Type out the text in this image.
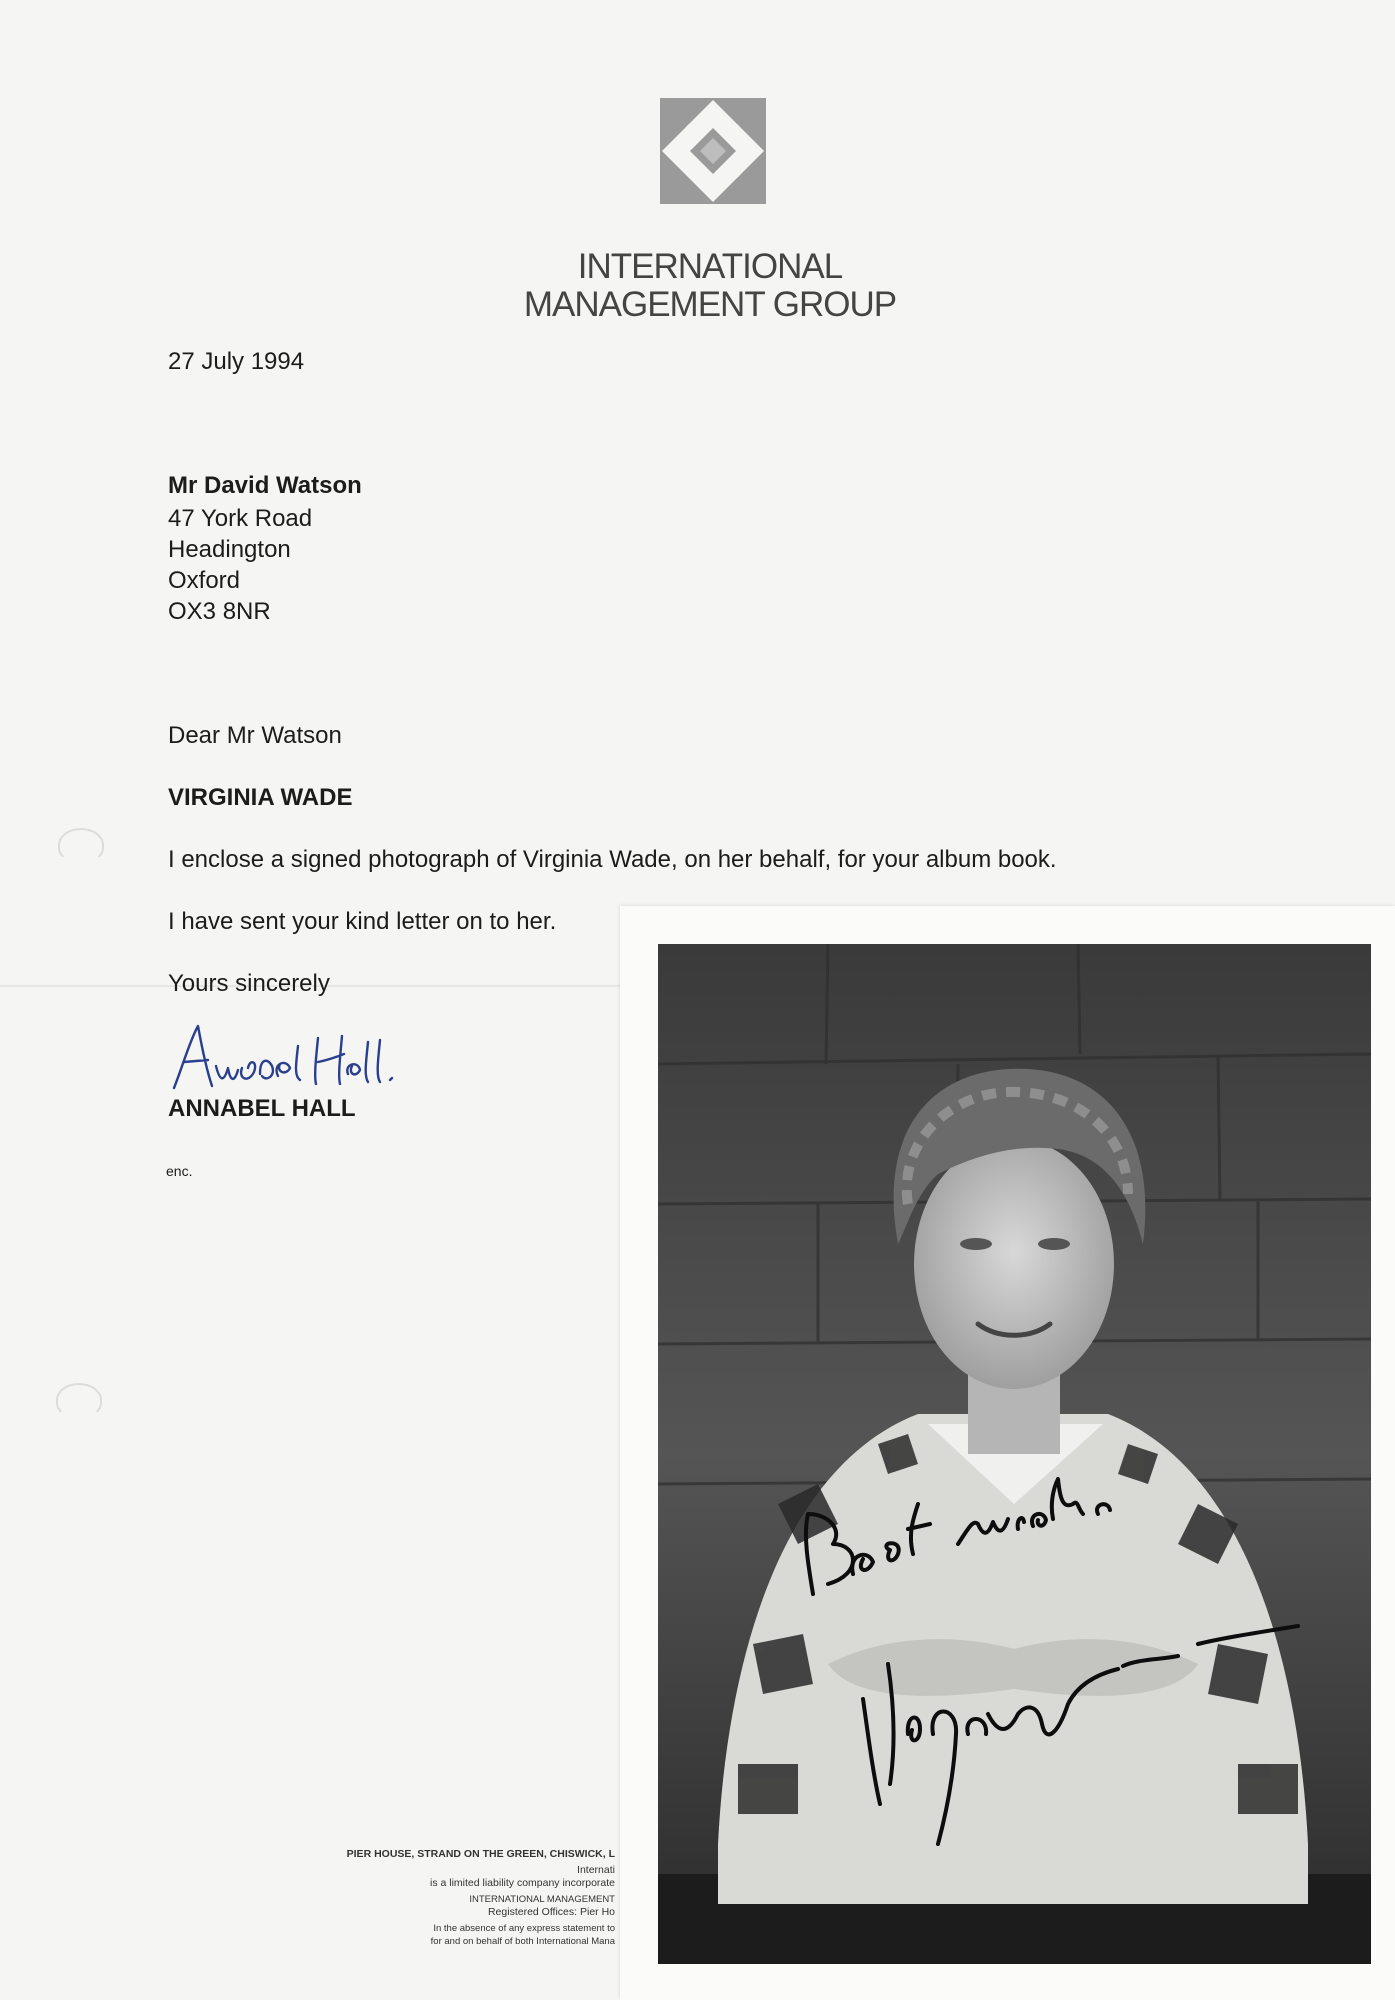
INTERNATIONAL
MANAGEMENT GROUP
27 July 1994
Mr David Watson
47 York Road
Headington
Oxford
OX3 8NR
Dear Mr Watson
VIRGINIA WADE
I enclose a signed photograph of Virginia Wade, on her behalf, for your album book.
I have sent your kind letter on to her.
Yours sincerely
ANNABEL HALL
enc.
PIER HOUSE, STRAND ON THE GREEN, CHISWICK, L
Internati
is a limited liability company incorporate
INTERNATIONAL MANAGEMENT
Registered Offices: Pier Ho
In the absence of any express statement to
for and on behalf of both International Mana
